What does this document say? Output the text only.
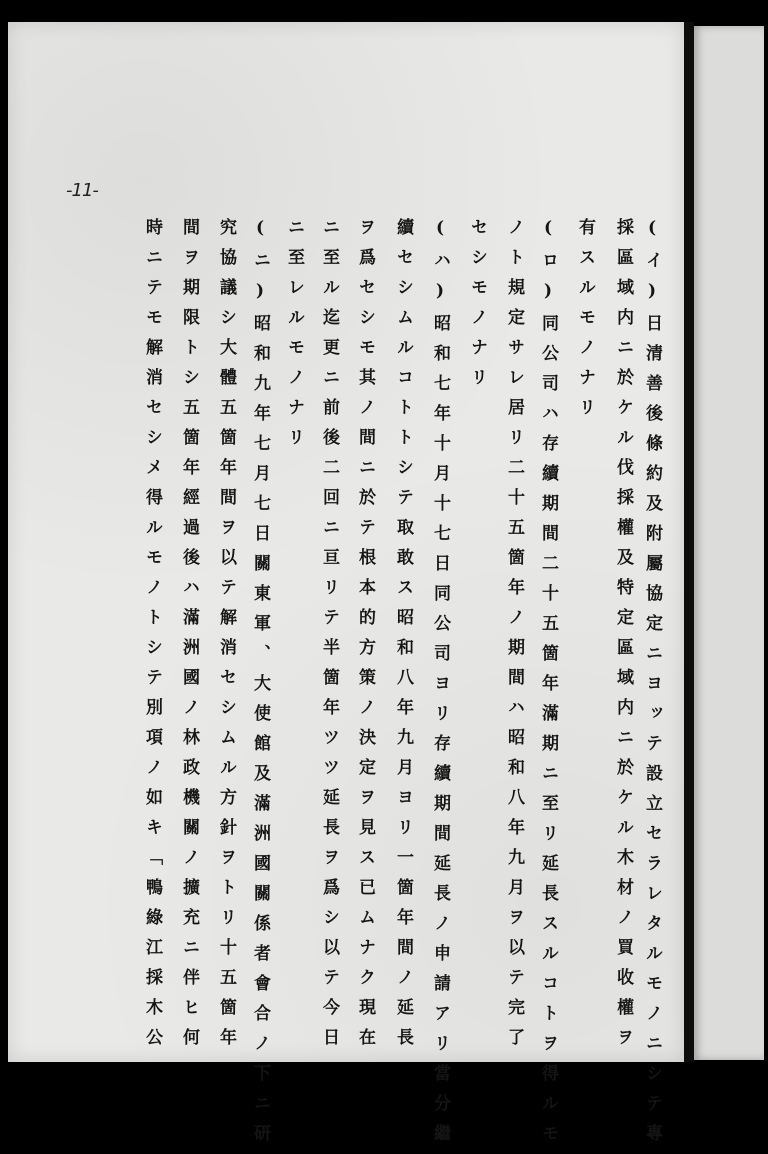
-11-
(イ)日清善後條約及附屬協定ニヨッテ設立セラレタルモノニシテ專
採區域内ニ於ケル伐採權及特定區域内ニ於ケル木材ノ買收權ヲ
有スルモノナリ
(ロ)同公司ハ存續期間二十五箇年滿期ニ至リ延長スルコトヲ得ルモ
ノト規定サレ居リ二十五箇年ノ期間ハ昭和八年九月ヲ以テ完了
セシモノナリ
(ハ)昭和七年十月十七日同公司ヨリ存續期間延長ノ申請アリ當分繼
續セシムルコトトシテ取敢ス昭和八年九月ヨリ一箇年間ノ延長
ヲ爲セシモ其ノ間ニ於テ根本的方策ノ決定ヲ見ス已ムナク現在
ニ至ル迄更ニ前後二回ニ亘リテ半箇年ツツ延長ヲ爲シ以テ今日
ニ至レルモノナリ
(ニ)昭和九年七月七日關東軍、大使館及滿洲國關係者會合ノ下ニ研
究協議シ大體五箇年間ヲ以テ解消セシムル方針ヲトリ十五箇年
間ヲ期限トシ五箇年經過後ハ滿洲國ノ林政機關ノ擴充ニ伴ヒ何
時ニテモ解消セシメ得ルモノトシテ別項ノ如キ「鴨綠江採木公
